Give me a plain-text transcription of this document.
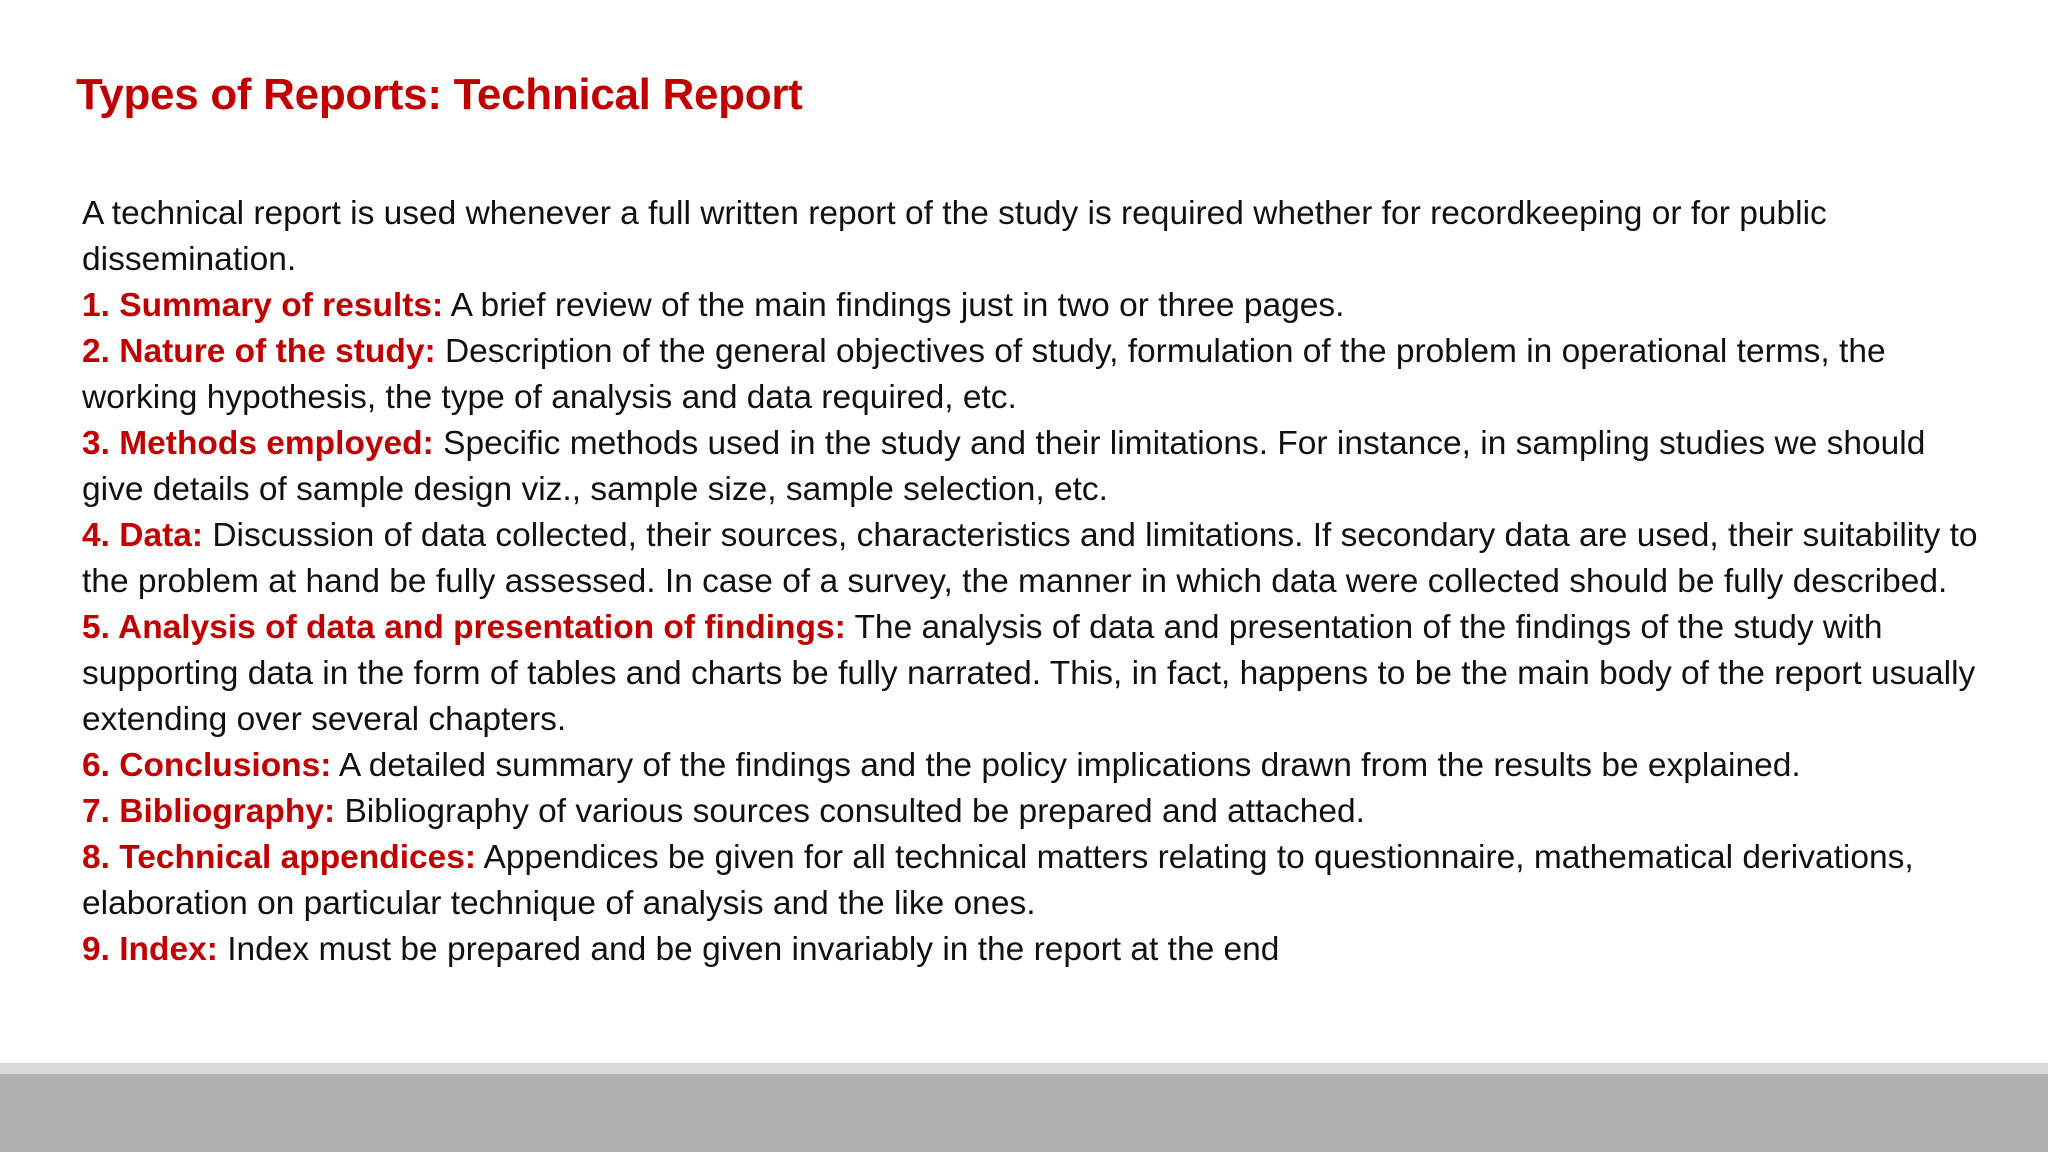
Types of Reports: Technical Report

A technical report is used whenever a full written report of the study is required whether for recordkeeping or for public dissemination.

1. Summary of results: A brief review of the main findings just in two or three pages.

2. Nature of the study: Description of the general objectives of study, formulation of the problem in operational terms, the working hypothesis, the type of analysis and data required, etc.

3. Methods employed: Specific methods used in the study and their limitations. For instance, in sampling studies we should give details of sample design viz., sample size, sample selection, etc.

4. Data: Discussion of data collected, their sources, characteristics and limitations. If secondary data are used, their suitability to the problem at hand be fully assessed. In case of a survey, the manner in which data were collected should be fully described.

5. Analysis of data and presentation of findings: The analysis of data and presentation of the findings of the study with supporting data in the form of tables and charts be fully narrated. This, in fact, happens to be the main body of the report usually extending over several chapters.

6. Conclusions: A detailed summary of the findings and the policy implications drawn from the results be explained.

7. Bibliography: Bibliography of various sources consulted be prepared and attached.

8. Technical appendices: Appendices be given for all technical matters relating to questionnaire, mathematical derivations, elaboration on particular technique of analysis and the like ones.

9. Index: Index must be prepared and be given invariably in the report at the end
